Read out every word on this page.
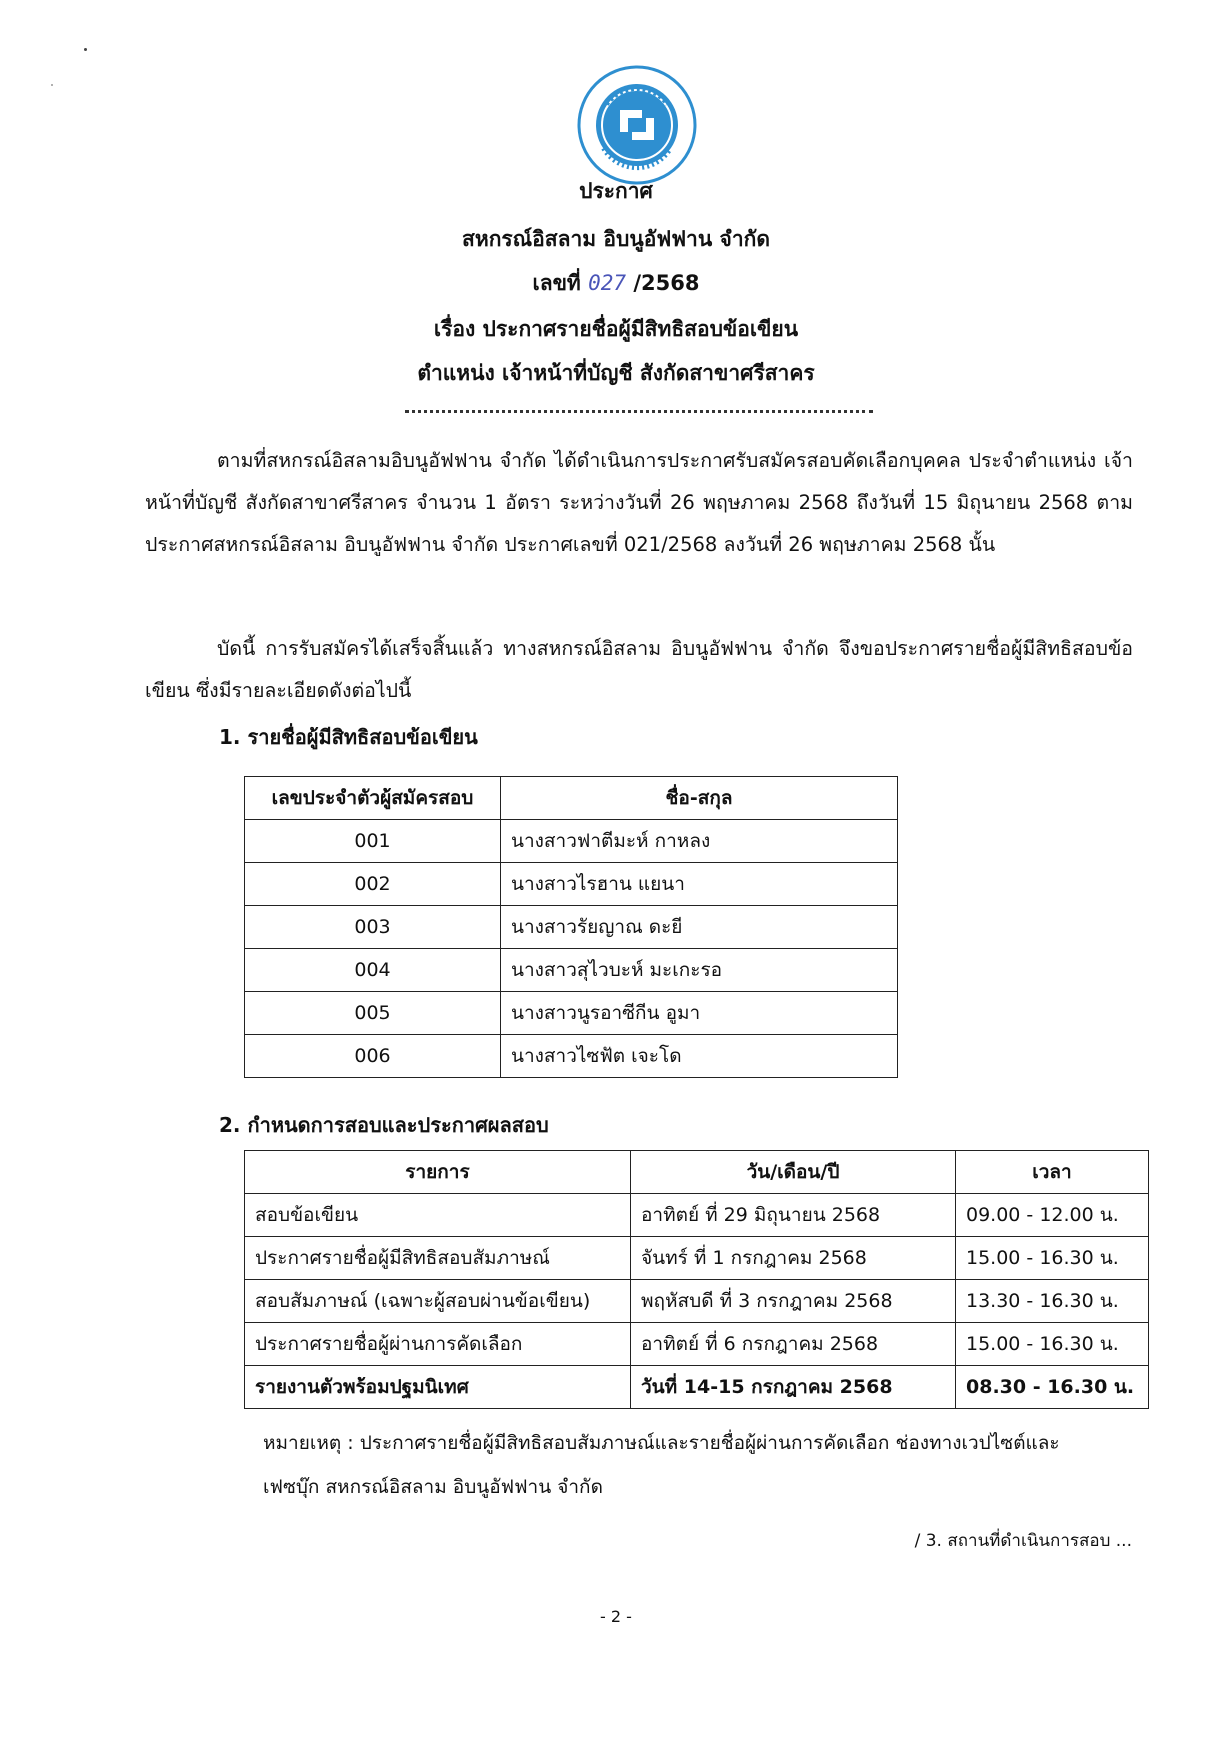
ประกาศ
สหกรณ์อิสลาม อิบนูอัฟฟาน จำกัด
เลขที่ 027 /2568
เรื่อง ประกาศรายชื่อผู้มีสิทธิสอบข้อเขียน
ตำแหน่ง เจ้าหน้าที่บัญชี สังกัดสาขาศรีสาคร
ตามที่สหกรณ์อิสลามอิบนูอัฟฟาน จำกัด ได้ดำเนินการประกาศรับสมัครสอบคัดเลือกบุคคล ประจำตำแหน่ง เจ้าหน้าที่บัญชี สังกัดสาขาศรีสาคร จำนวน 1 อัตรา ระหว่างวันที่ 26 พฤษภาคม 2568 ถึงวันที่ 15 มิถุนายน 2568 ตามประกาศสหกรณ์อิสลาม อิบนูอัฟฟาน จำกัด ประกาศเลขที่ 021/2568 ลงวันที่ 26 พฤษภาคม 2568 นั้น
บัดนี้ การรับสมัครได้เสร็จสิ้นแล้ว ทางสหกรณ์อิสลาม อิบนูอัฟฟาน จำกัด จึงขอประกาศรายชื่อผู้มีสิทธิสอบข้อเขียน ซึ่งมีรายละเอียดดังต่อไปนี้
1. รายชื่อผู้มีสิทธิสอบข้อเขียน
เลขประจำตัวผู้สมัครสอบ	ชื่อ-สกุล
001	นางสาวฟาตีมะห์ กาหลง
002	นางสาวไรฮาน แยนา
003	นางสาวรัยญาณ ดะยี
004	นางสาวสุไวบะห์ มะเกะรอ
005	นางสาวนูรอาซีกีน อูมา
006	นางสาวไซฟัต เจะโด
2. กำหนดการสอบและประกาศผลสอบ
รายการ	วัน/เดือน/ปี	เวลา
สอบข้อเขียน	อาทิตย์ ที่ 29 มิถุนายน 2568	09.00 - 12.00 น.
ประกาศรายชื่อผู้มีสิทธิสอบสัมภาษณ์	จันทร์ ที่ 1 กรกฎาคม 2568	15.00 - 16.30 น.
สอบสัมภาษณ์ (เฉพาะผู้สอบผ่านข้อเขียน)	พฤหัสบดี ที่ 3 กรกฎาคม 2568	13.30 - 16.30 น.
ประกาศรายชื่อผู้ผ่านการคัดเลือก	อาทิตย์ ที่ 6 กรกฎาคม 2568	15.00 - 16.30 น.
รายงานตัวพร้อมปฐมนิเทศ	วันที่ 14-15 กรกฎาคม 2568	08.30 - 16.30 น.
หมายเหตุ : ประกาศรายชื่อผู้มีสิทธิสอบสัมภาษณ์และรายชื่อผู้ผ่านการคัดเลือก ช่องทางเวปไซต์และ
เฟซบุ๊ก สหกรณ์อิสลาม อิบนูอัฟฟาน จำกัด
/ 3. สถานที่ดำเนินการสอบ ...
- 2 -
